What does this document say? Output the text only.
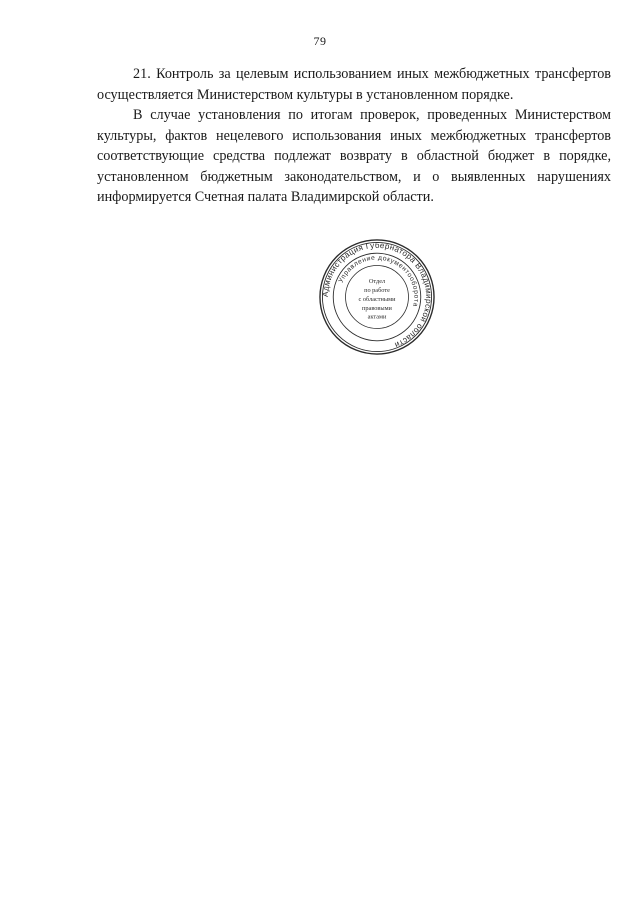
79

21. Контроль за целевым использованием иных межбюджетных трансфертов осуществляется Министерством культуры в установленном порядке.

В случае установления по итогам проверок, проведенных Министерством культуры, фактов нецелевого использования иных межбюджетных трансфертов соответствующие средства подлежат возврату в областной бюджет в порядке, установленном бюджетным законодательством, и о выявленных нарушениях информируется Счетная палата Владимирской области.

Администрация Губернатора Владимирской области
Управление документооборота
Отдел
по работе
с областными
правовыми
актами
